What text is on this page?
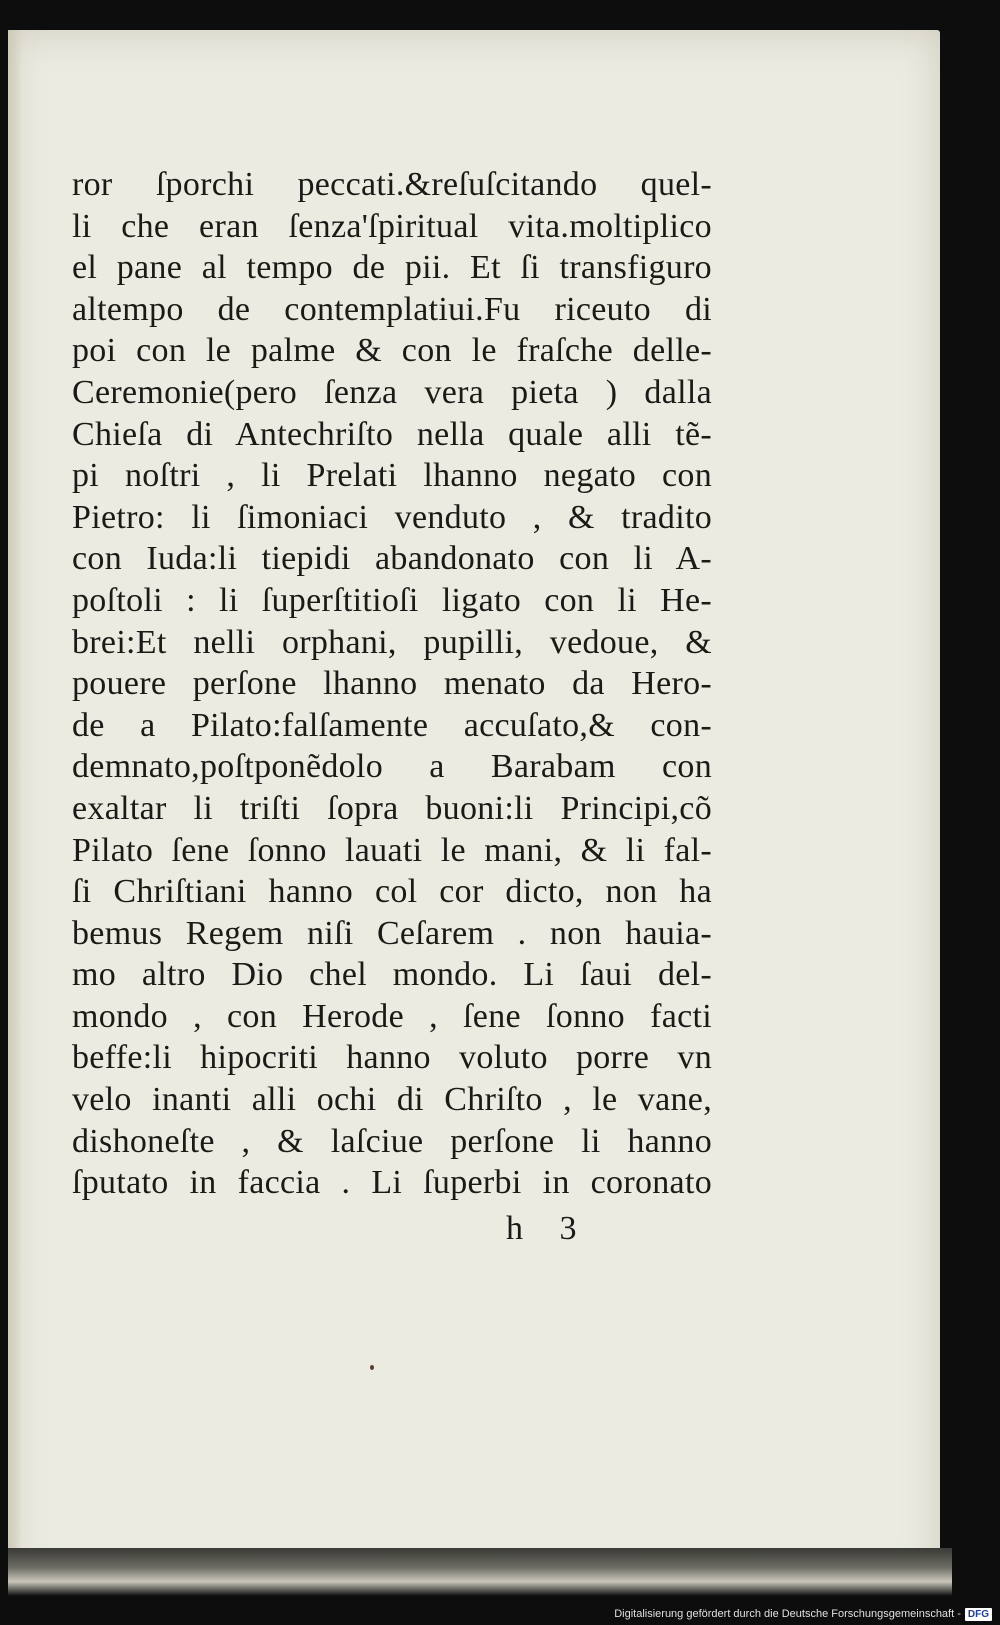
ror ſporchi peccati.&reſuſcitando quel-
li che eran ſenza'ſpiritual vita.moltiplico
el pane al tempo de pii. Et ſi transfiguro
altempo de contemplatiui.Fu riceuto di
poi con le palme & con le fraſche delle-
Ceremonie(pero ſenza vera pieta ) dalla
Chieſa di Antechriſto nella quale alli tẽ-
pi noſtri , li Prelati lhanno negato con
Pietro: li ſimoniaci venduto , & tradito
con Iuda:li tiepidi abandonato con li A-
poſtoli : li ſuperſtitioſi ligato con li He-
brei:Et nelli orphani, pupilli, vedoue, &
pouere perſone lhanno menato da Hero-
de a Pilato:falſamente accuſato,& con-
demnato,poſtponẽdolo a Barabam con
exaltar li triſti ſopra buoni:li Principi,cõ
Pilato ſene ſonno lauati le mani, & li fal-
ſi Chriſtiani hanno col cor dicto, non ha
bemus Regem niſi Ceſarem . non hauia-
mo altro Dio chel mondo. Li ſaui del-
mondo , con Herode , ſene ſonno facti
beffe:li hipocriti hanno voluto porre vn
velo inanti alli ochi di Chriſto , le vane,
dishoneſte , & laſciue perſone li hanno
ſputato in faccia . Li ſuperbi in coronato
h 3
Digitalisierung gefördert durch die Deutsche Forschungsgemeinschaft - DFG
